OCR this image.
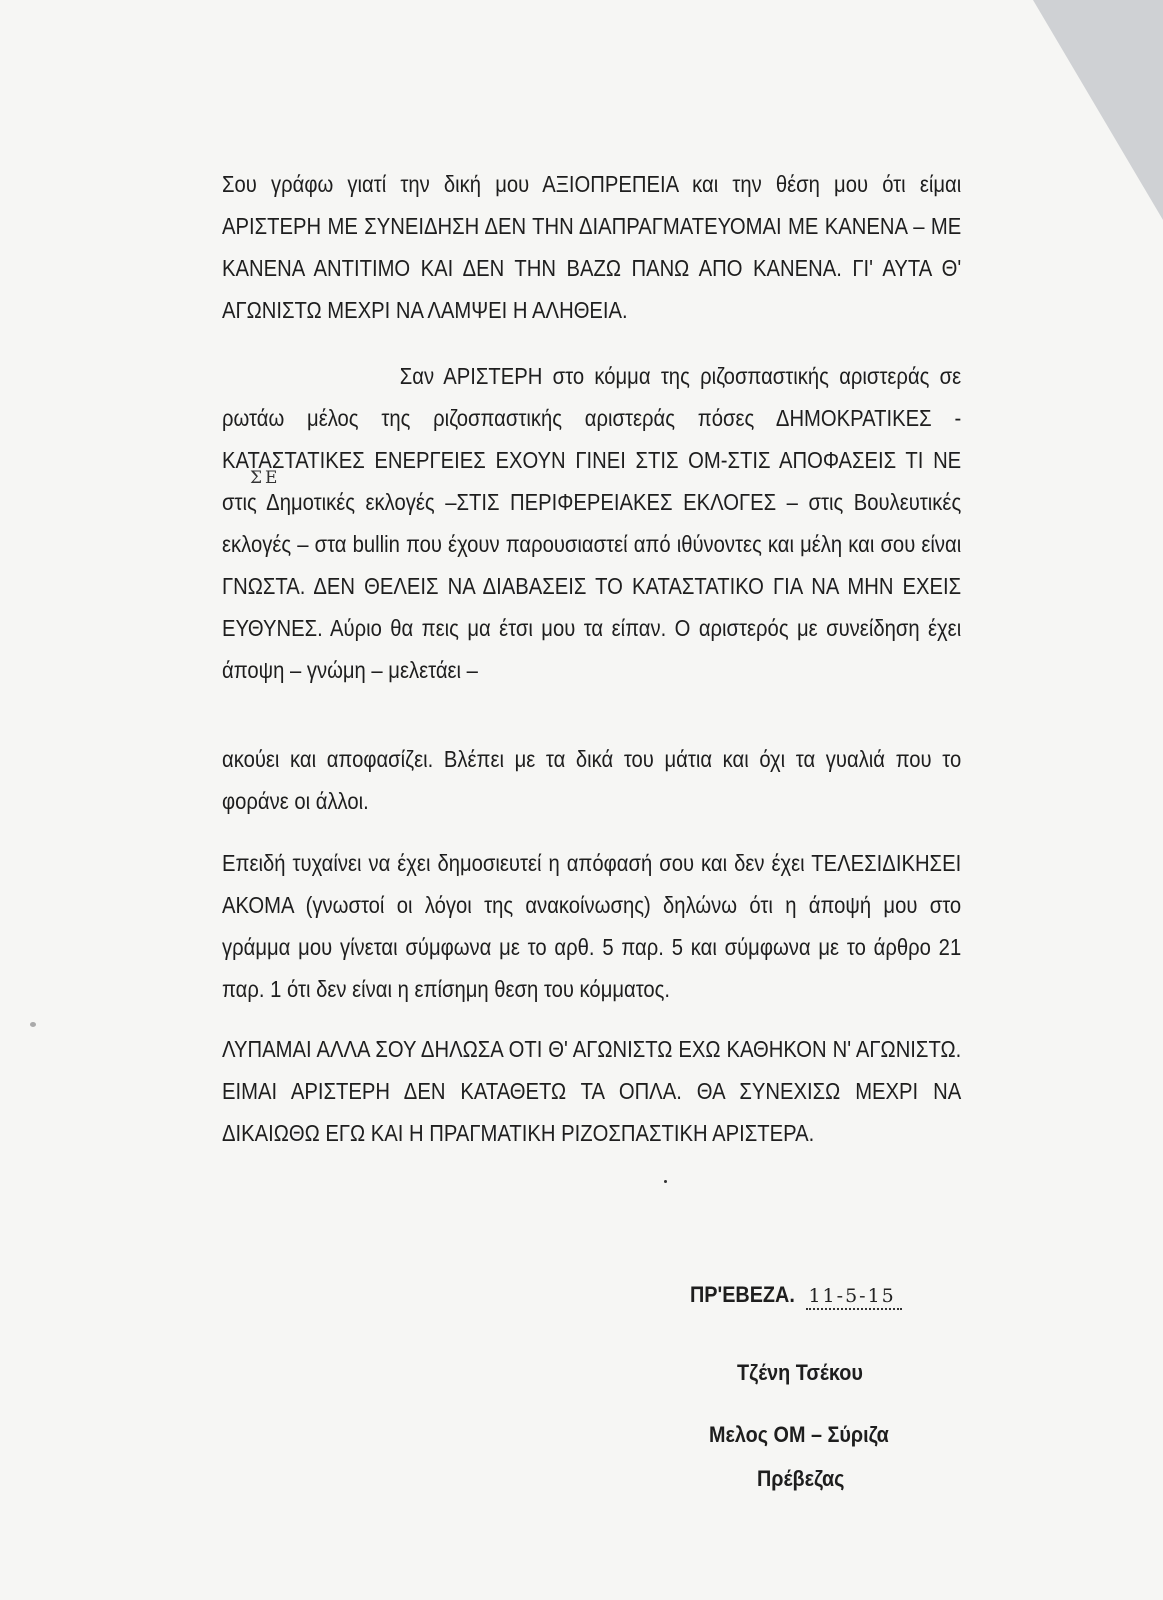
Σου γράφω γιατί την δική μου ΑΞΙΟΠΡΕΠΕΙΑ και την θέση μου ότι είμαι ΑΡΙΣΤΕΡΗ ΜΕ ΣΥΝΕΙΔΗΣΗ ΔΕΝ ΤΗΝ ΔΙΑΠΡΑΓΜΑΤΕΥΟΜΑΙ ΜΕ ΚΑΝΕΝΑ – ΜΕ ΚΑΝΕΝΑ ΑΝΤΙΤΙΜΟ ΚΑΙ ΔΕΝ ΤΗΝ ΒΑΖΩ ΠΑΝΩ ΑΠΟ ΚΑΝΕΝΑ. ΓΙ' ΑΥΤΑ Θ' ΑΓΩΝΙΣΤΩ ΜΕΧΡΙ ΝΑ ΛΑΜΨΕΙ Η ΑΛΗΘΕΙΑ.

Σαν ΑΡΙΣΤΕΡΗ στο κόμμα της ριζοσπαστικής αριστεράς σε ρωτάω μέλος της ριζοσπαστικής αριστεράς πόσες ΔΗΜΟΚΡΑΤΙΚΕΣ - ΚΑΤΑΣΤΑΤΙΚΕΣ ΕΝΕΡΓΕΙΕΣ ΕΧΟΥΝ ΓΙΝΕΙ ΣΤΙΣ ΟΜ-ΣΤΙΣ ΑΠΟΦΑΣΕΙΣ ΤΙ ΝΕ στις Δημοτικές εκλογές –ΣΤΙΣ ΠΕΡΙΦΕΡΕΙΑΚΕΣ ΕΚΛΟΓΕΣ – στις Βουλευτικές εκλογές – στα bullin που έχουν παρουσιαστεί από ιθύνοντες και μέλη και σου είναι ΓΝΩΣΤΑ. ΔΕΝ ΘΕΛΕΙΣ ΝΑ ΔΙΑΒΑΣΕΙΣ ΤΟ ΚΑΤΑΣΤΑΤΙΚΟ ΓΙΑ ΝΑ ΜΗΝ ΕΧΕΙΣ ΕΥΘΥΝΕΣ. Αύριο θα πεις μα έτσι μου τα είπαν. Ο αριστερός με συνείδηση έχει άποψη – γνώμη – μελετάει –

ΣΕ

ακούει και αποφασίζει. Βλέπει με τα δικά του μάτια και όχι τα γυαλιά που το φοράνε οι άλλοι.

Επειδή τυχαίνει να έχει δημοσιευτεί η απόφασή σου και δεν έχει ΤΕΛΕΣΙΔΙΚΗΣΕΙ ΑΚΟΜΑ (γνωστοί οι λόγοι της ανακοίνωσης) δηλώνω ότι η άποψή μου στο γράμμα μου γίνεται σύμφωνα με το αρθ. 5 παρ. 5 και σύμφωνα με το άρθρο 21 παρ. 1 ότι δεν είναι η επίσημη θεση του κόμματος.

ΛΥΠΑΜΑΙ ΑΛΛΑ ΣΟΥ ΔΗΛΩΣΑ ΟΤΙ Θ' ΑΓΩΝΙΣΤΩ ΕΧΩ ΚΑΘΗΚΟΝ Ν' ΑΓΩΝΙΣΤΩ. ΕΙΜΑΙ ΑΡΙΣΤΕΡΗ ΔΕΝ ΚΑΤΑΘΕΤΩ ΤΑ ΟΠΛΑ. ΘΑ ΣΥΝΕΧΙΣΩ ΜΕΧΡΙ ΝΑ ΔΙΚΑΙΩΘΩ ΕΓΩ ΚΑΙ Η ΠΡΑΓΜΑΤΙΚΗ ΡΙΖΟΣΠΑΣΤΙΚΗ ΑΡΙΣΤΕΡΑ.

ΠΡ'ΕΒΕΖΑ. 11-5-15
Τζένη Τσέκου
Μελος ΟΜ – Σύριζα
Πρέβεζας
